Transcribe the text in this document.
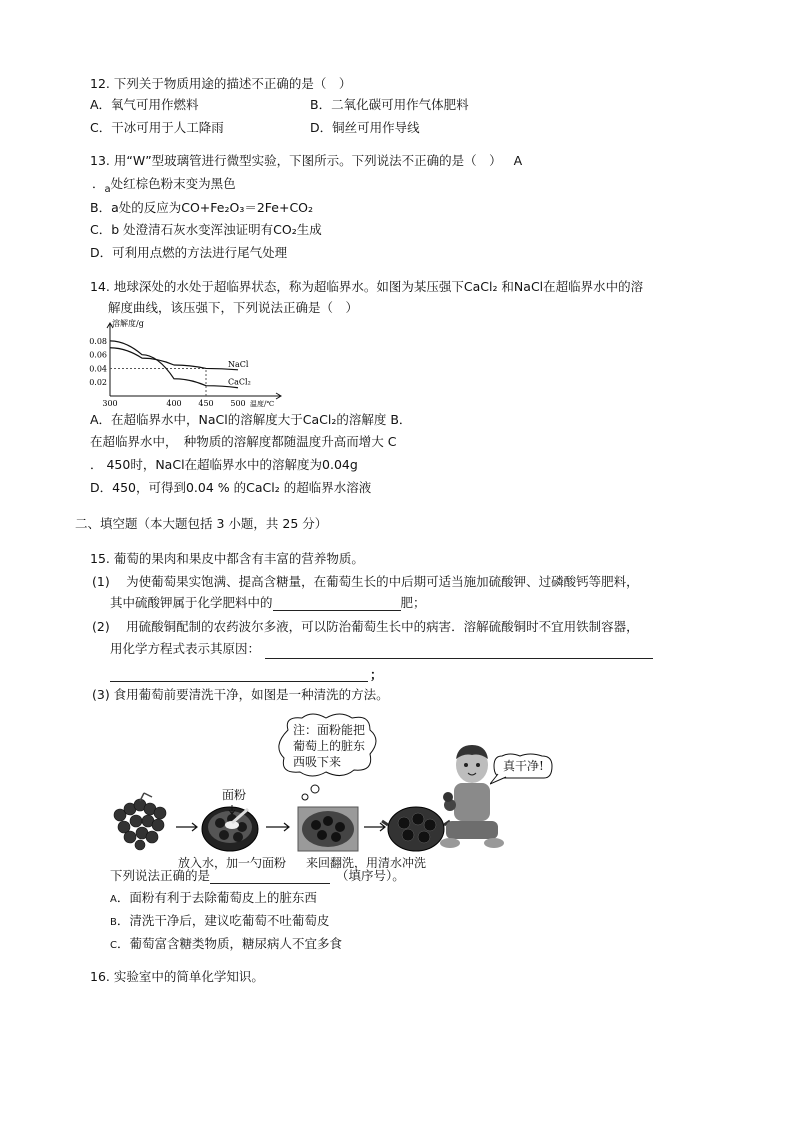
12. 下列关于物质用途的描述不正确的是（　）
A．氧气可用作燃料	B．二氧化碳可用作气体肥料
C．干冰可用于人工降雨	D．铜丝可用作导线
13. 用“W”型玻璃管进行微型实验，下图所示。下列说法不正确的是（　） A
．$_a$处红棕色粉末变为黑色
B．a处的反应为CO+Fe₂O₃＝2Fe+CO₂
C．b 处澄清石灰水变浑浊证明有CO₂生成
D．可利用点燃的方法进行尾气处理
14. 地球深处的水处于超临界状态，称为超临界水。如图为某压强下CaCl₂ 和NaCl在超临界水中的溶
解度曲线，该压强下，下列说法正确是（　）
0.08
0.06
0.04
0.02
300	400 450 500
溶解度/g
温度/℃
NaCl
CaCl₂
A．在超临界水中，NaCl的溶解度大于CaCl₂的溶解度 B．
在超临界水中，　种物质的溶解度都随温度升高而增大 C
． 450时，NaCl在超临界水中的溶解度为0.04g
D．450，可得到0.04 % 的CaCl₂ 的超临界水溶液
二、填空题（本大题包括 3 小题，共 25 分）
15. 葡萄的果肉和果皮中都含有丰富的营养物质。
(1)　 为使葡萄果实饱满、提高含糖量，在葡萄生长的中后期可适当施加硫酸钾、过磷酸钙等肥料，
其中硫酸钾属于化学肥料中的	肥；
(2)　 用硫酸铜配制的农药波尔多液，可以防治葡萄生长中的病害．溶解硫酸铜时不宜用铁制容器，
用化学方程式表示其原因：
；
(3) 食用葡萄前要清洗干净，如图是一种清洗的方法。
面粉
注：面粉能把
葡萄上的脏东
西吸下来	真干净!
放入水，加一勺面粉 来回翻洗，用清水冲洗
下列说法正确的是	（填序号）。
A．面粉有利于去除葡萄皮上的脏东西
B．清洗干净后，建议吃葡萄不吐葡萄皮
C．葡萄富含糖类物质，糖尿病人不宜多食
16. 实验室中的简单化学知识。
